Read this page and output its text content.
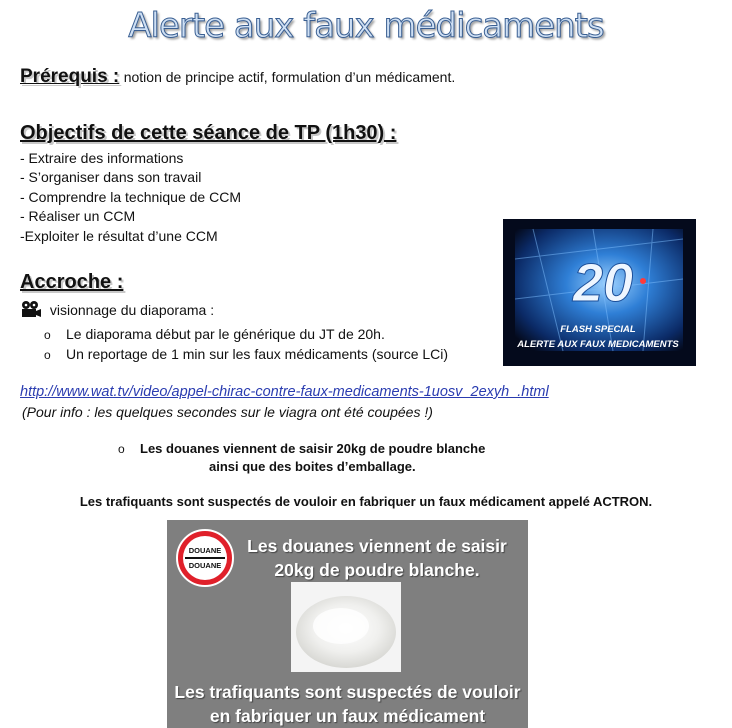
Alerte aux faux médicaments
Prérequis : notion de principe actif, formulation d’un médicament.
Objectifs de cette séance de TP (1h30) :
- Extraire des informations
- S’organiser dans son travail
- Comprendre la technique de CCM
- Réaliser un CCM
-Exploiter le résultat d’une CCM
Accroche :
visionnage du diaporama :
o Le diaporama début par le générique du JT de 20h.
o Un reportage de 1 min sur les faux médicaments (source LCi)
20
FLASH SPECIAL
ALERTE AUX FAUX MEDICAMENTS
http://www.wat.tv/video/appel-chirac-contre-faux-medicaments-1uosv_2exyh_.html
(Pour info : les quelques secondes sur le viagra ont été coupées !)
o Les douanes viennent de saisir 20kg de poudre blanche
ainsi que des boites d’emballage.
Les trafiquants sont suspectés de vouloir en fabriquer un faux médicament appelé ACTRON.
DOUANE
DOUANE
Les douanes viennent de saisir
20kg de poudre blanche.
Les trafiquants sont suspectés de vouloir
en fabriquer un faux médicament
